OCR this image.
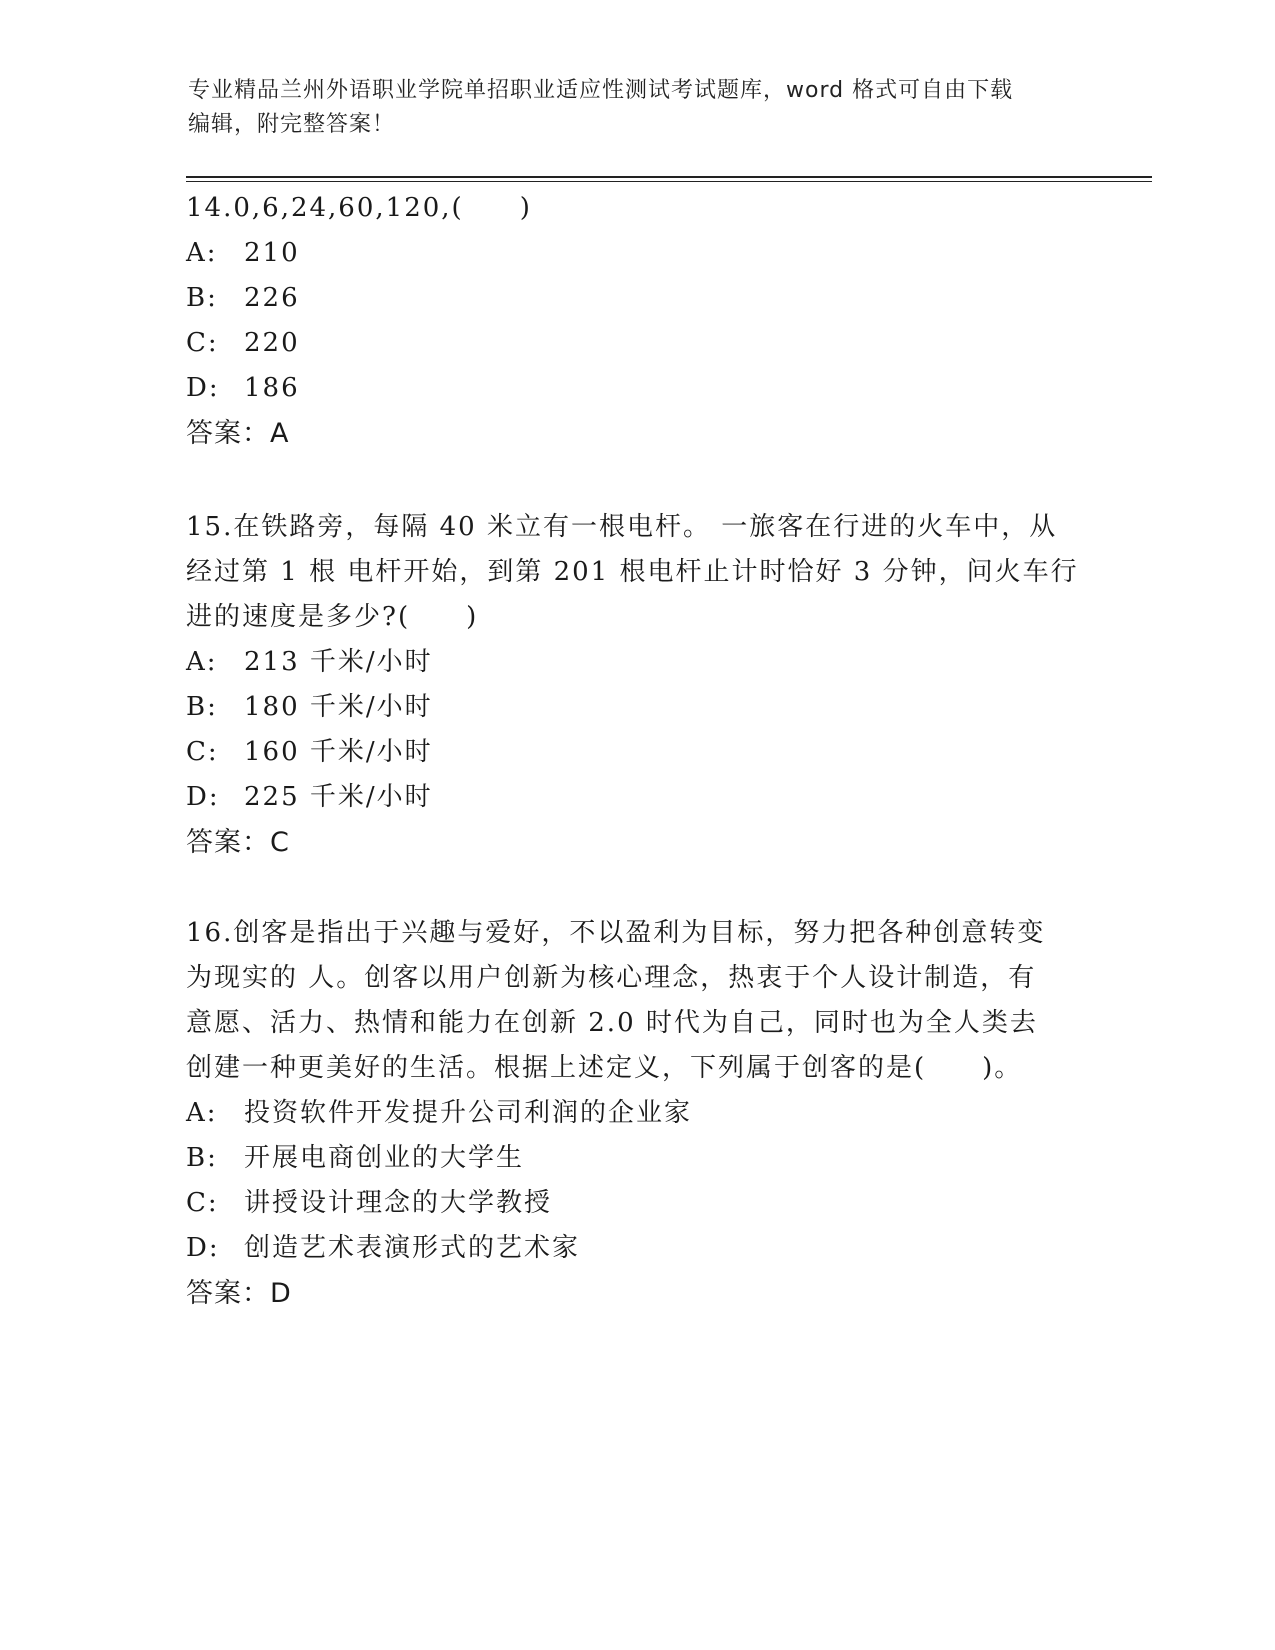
专业精品兰州外语职业学院单招职业适应性测试考试题库，word 格式可自由下载
编辑，附完整答案！
14.0,6,24,60,120,(　　)
A: 210
B: 226
C: 220
D: 186
答案：A
15.在铁路旁，每隔 40 米立有一根电杆。 一旅客在行进的火车中，从
经过第 1 根 电杆开始，到第 201 根电杆止计时恰好 3 分钟，问火车行
进的速度是多少?(　　)
A: 213 千米/小时
B: 180 千米/小时
C: 160 千米/小时
D: 225 千米/小时
答案：C
16.创客是指出于兴趣与爱好，不以盈利为目标，努力把各种创意转变
为现实的 人。创客以用户创新为核心理念，热衷于个人设计制造，有
意愿、活力、热情和能力在创新 2.0 时代为自己，同时也为全人类去
创建一种更美好的生活。根据上述定义，下列属于创客的是(　　)。
A: 投资软件开发提升公司利润的企业家
B: 开展电商创业的大学生
C: 讲授设计理念的大学教授
D: 创造艺术表演形式的艺术家
答案：D
